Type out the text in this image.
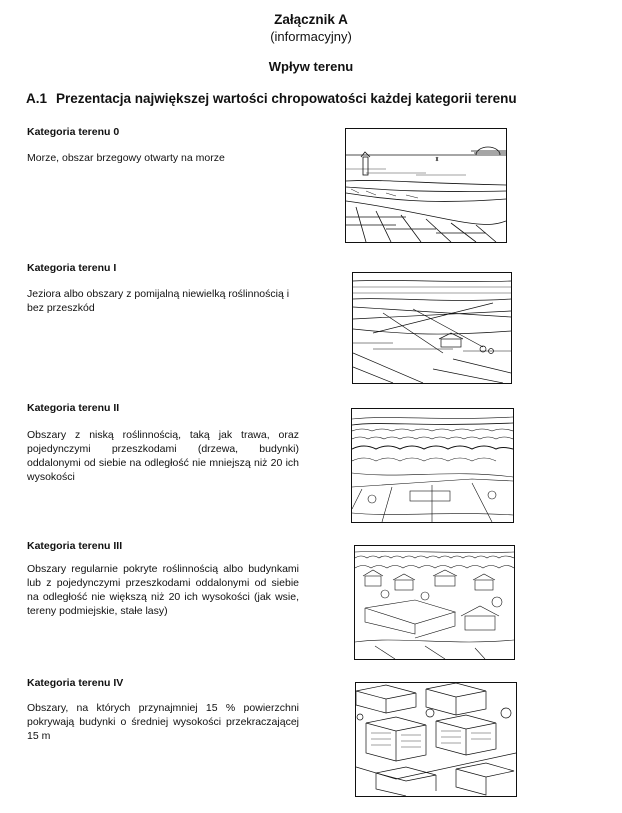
Załącznik A
(informacyjny)
Wpływ terenu
A.1 Prezentacja największej wartości chropowatości każdej kategorii terenu
Kategoria terenu 0
Morze, obszar brzegowy otwarty na morze
Kategoria terenu I
Jeziora albo obszary z pomijalną niewielką roślinnością i bez przeszkód
Kategoria terenu II
Obszary z niską roślinnością, taką jak trawa, oraz pojedynczymi przeszkodami (drzewa, budynki) oddalonymi od siebie na odległość nie mniejszą niż 20 ich wysokości
Kategoria terenu III
Obszary regularnie pokryte roślinnością albo budynkami lub z pojedynczymi przeszkodami oddalonymi od siebie na odległość nie większą niż 20 ich wysokości (jak wsie, tereny podmiejskie, stałe lasy)
Kategoria terenu IV
Obszary, na których przynajmniej 15 % powierzchni pokrywają budynki o średniej wysokości przekraczającej 15 m
